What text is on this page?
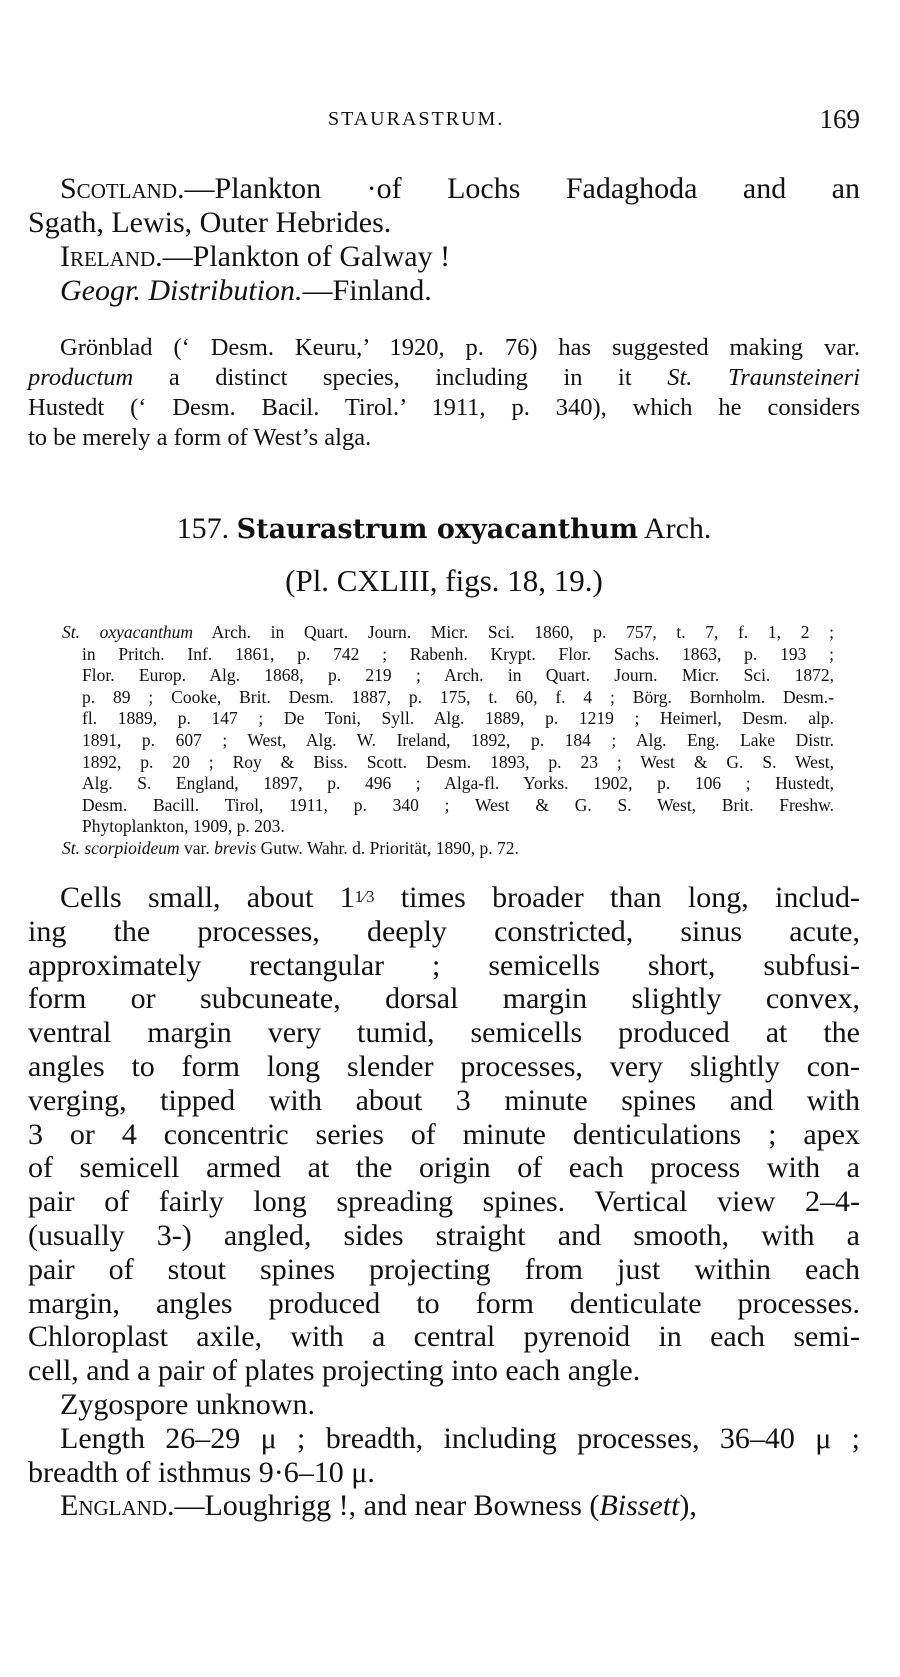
STAURASTRUM.	169

Scotland.—Plankton ·of Lochs Fadaghoda and an

Sgath, Lewis, Outer Hebrides.

Ireland.—Plankton of Galway !

Geogr. Distribution.—Finland.

Grönblad (‘ Desm. Keuru,’ 1920, p. 76) has suggested making var.

productum a distinct species, including in it St. Traunsteineri

Hustedt (‘ Desm. Bacil. Tirol.’ 1911, p. 340), which he considers

to be merely a form of West’s alga.

157. Staurastrum oxyacanthum Arch.
(Pl. CXLIII, figs. 18, 19.)

St. oxyacanthum Arch. in Quart. Journ. Micr. Sci. 1860, p. 757, t. 7, f. 1, 2 ;

in Pritch. Inf. 1861, p. 742 ; Rabenh. Krypt. Flor. Sachs. 1863, p. 193 ;

Flor. Europ. Alg. 1868, p. 219 ; Arch. in Quart. Journ. Micr. Sci. 1872,

p. 89 ; Cooke, Brit. Desm. 1887, p. 175, t. 60, f. 4 ; Börg. Bornholm. Desm.-

fl. 1889, p. 147 ; De Toni, Syll. Alg. 1889, p. 1219 ; Heimerl, Desm. alp.

1891, p. 607 ; West, Alg. W. Ireland, 1892, p. 184 ; Alg. Eng. Lake Distr.

1892, p. 20 ; Roy & Biss. Scott. Desm. 1893, p. 23 ; West & G. S. West,

Alg. S. England, 1897, p. 496 ; Alga-fl. Yorks. 1902, p. 106 ; Hustedt,

Desm. Bacill. Tirol, 1911, p. 340 ; West & G. S. West, Brit. Freshw.

Phytoplankton, 1909, p. 203.

St. scorpioideum var. brevis Gutw. Wahr. d. Priorität, 1890, p. 72.

Cells small, about 11⁄3 times broader than long, includ-

ing the processes, deeply constricted, sinus acute,

approximately rectangular ; semicells short, subfusi-

form or subcuneate, dorsal margin slightly convex,

ventral margin very tumid, semicells produced at the

angles to form long slender processes, very slightly con-

verging, tipped with about 3 minute spines and with

3 or 4 concentric series of minute denticulations ; apex

of semicell armed at the origin of each process with a

pair of fairly long spreading spines. Vertical view 2–4-

(usually 3-) angled, sides straight and smooth, with a

pair of stout spines projecting from just within each

margin, angles produced to form denticulate processes.

Chloroplast axile, with a central pyrenoid in each semi-

cell, and a pair of plates projecting into each angle.

Zygospore unknown.

Length 26–29 μ ; breadth, including processes, 36–40 μ ;

breadth of isthmus 9·6–10 μ.

England.—Loughrigg !, and near Bowness (Bissett),
